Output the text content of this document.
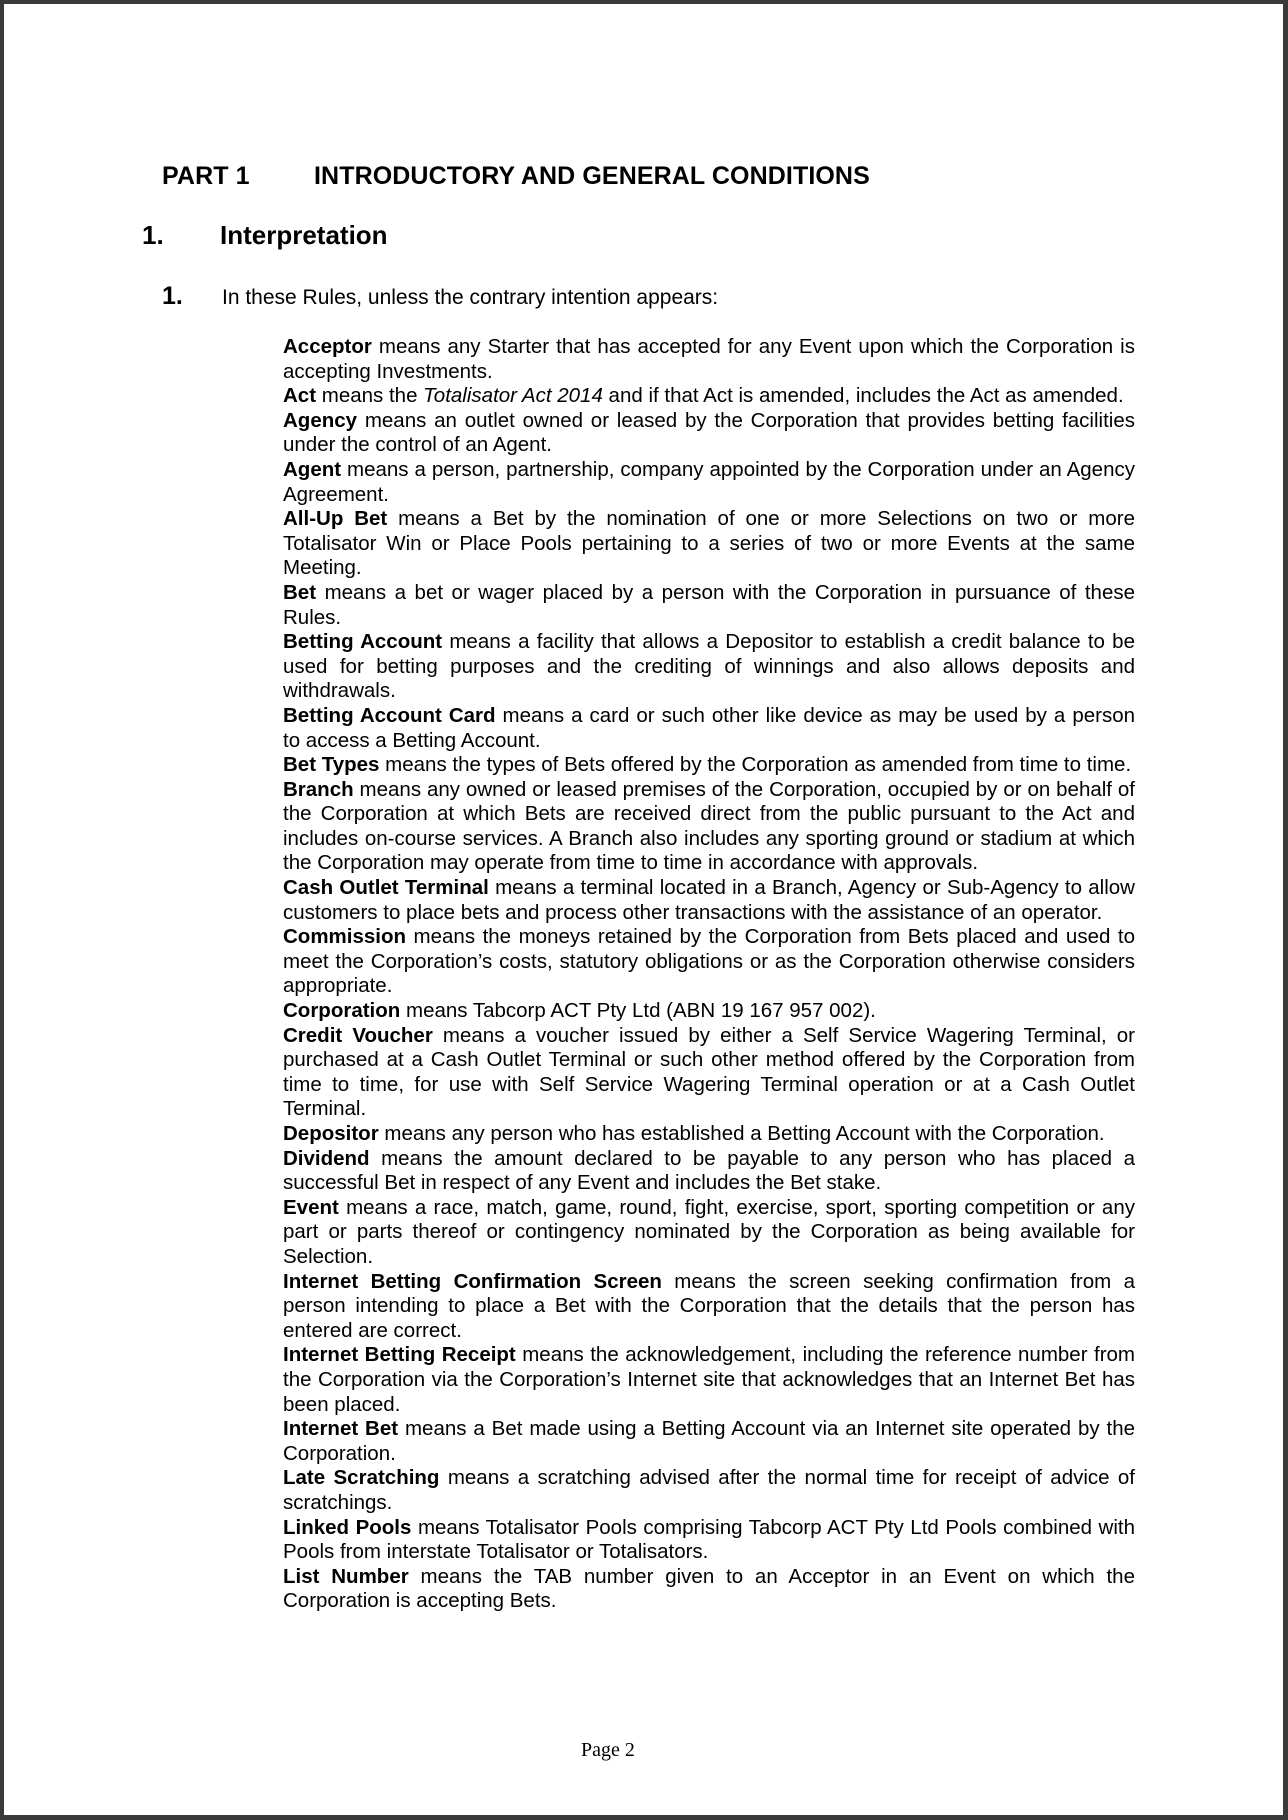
PART 1	INTRODUCTORY AND GENERAL CONDITIONS
1. Interpretation
1. In these Rules, unless the contrary intention appears:

Acceptor means any Starter that has accepted for any Event upon which the Corporation is accepting Investments.

Act means the Totalisator Act 2014 and if that Act is amended, includes the Act as amended.

Agency means an outlet owned or leased by the Corporation that provides betting facilities under the control of an Agent.

Agent means a person, partnership, company appointed by the Corporation under an Agency Agreement.

All-Up Bet means a Bet by the nomination of one or more Selections on two or more Totalisator Win or Place Pools pertaining to a series of two or more Events at the same Meeting.

Bet means a bet or wager placed by a person with the Corporation in pursuance of these Rules.

Betting Account means a facility that allows a Depositor to establish a credit balance to be used for betting purposes and the crediting of winnings and also allows deposits and withdrawals.

Betting Account Card means a card or such other like device as may be used by a person to access a Betting Account.

Bet Types means the types of Bets offered by the Corporation as amended from time to time.

Branch means any owned or leased premises of the Corporation, occupied by or on behalf of the Corporation at which Bets are received direct from the public pursuant to the Act and includes on-course services. A Branch also includes any sporting ground or stadium at which the Corporation may operate from time to time in accordance with approvals.

Cash Outlet Terminal means a terminal located in a Branch, Agency or Sub-Agency to allow customers to place bets and process other transactions with the assistance of an operator.

Commission means the moneys retained by the Corporation from Bets placed and used to meet the Corporation’s costs, statutory obligations or as the Corporation otherwise considers appropriate.

Corporation means Tabcorp ACT Pty Ltd (ABN 19 167 957 002).

Credit Voucher means a voucher issued by either a Self Service Wagering Terminal, or purchased at a Cash Outlet Terminal or such other method offered by the Corporation from time to time, for use with Self Service Wagering Terminal operation or at a Cash Outlet Terminal.

Depositor means any person who has established a Betting Account with the Corporation.

Dividend means the amount declared to be payable to any person who has placed a successful Bet in respect of any Event and includes the Bet stake.

Event means a race, match, game, round, fight, exercise, sport, sporting competition or any part or parts thereof or contingency nominated by the Corporation as being available for Selection.

Internet Betting Confirmation Screen means the screen seeking confirmation from a person intending to place a Bet with the Corporation that the details that the person has entered are correct.

Internet Betting Receipt means the acknowledgement, including the reference number from the Corporation via the Corporation’s Internet site that acknowledges that an Internet Bet has been placed.

Internet Bet means a Bet made using a Betting Account via an Internet site operated by the Corporation.

Late Scratching means a scratching advised after the normal time for receipt of advice of scratchings.

Linked Pools means Totalisator Pools comprising Tabcorp ACT Pty Ltd Pools combined with Pools from interstate Totalisator or Totalisators.

List Number means the TAB number given to an Acceptor in an Event on which the Corporation is accepting Bets.

Page 2
